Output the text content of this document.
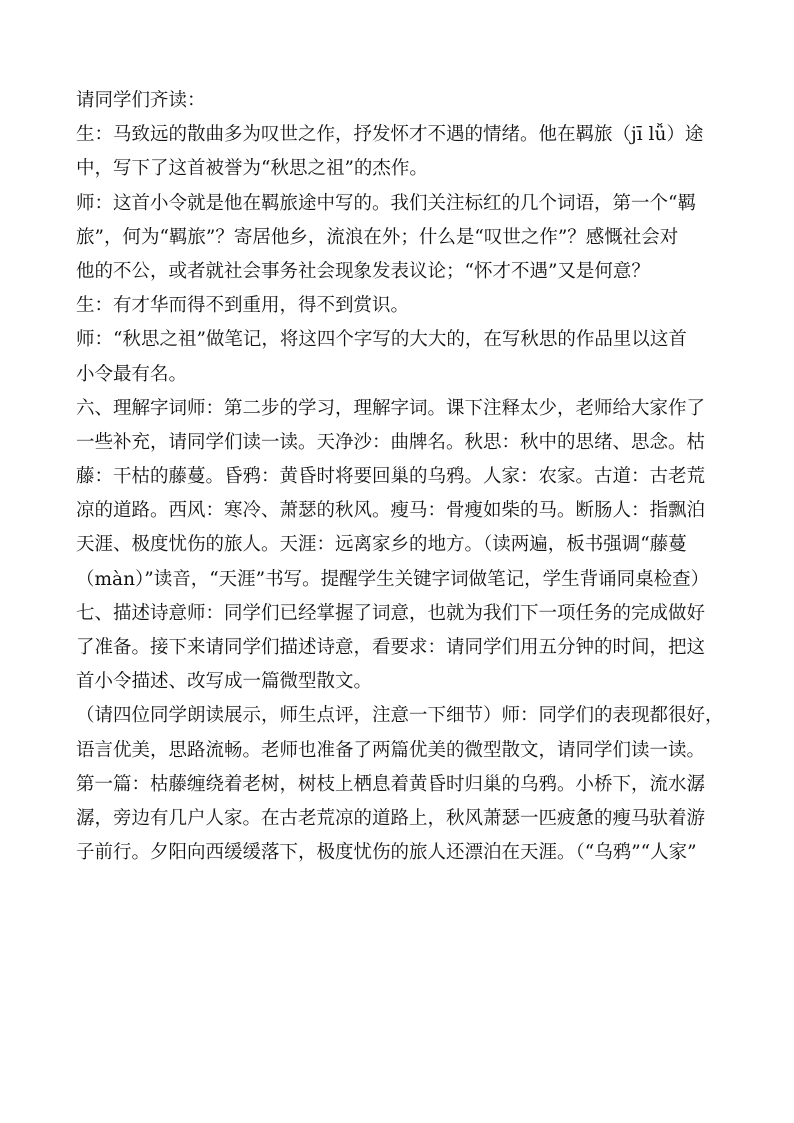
请同学们齐读：
生：马致远的散曲多为叹世之作，抒发怀才不遇的情绪。他在羁旅（jī lǚ）途
中，写下了这首被誉为“秋思之祖”的杰作。
师：这首小令就是他在羁旅途中写的。我们关注标红的几个词语，第一个“羁
旅”，何为“羁旅”？寄居他乡，流浪在外；什么是“叹世之作”？感慨社会对
他的不公，或者就社会事务社会现象发表议论；“怀才不遇”又是何意？
生：有才华而得不到重用，得不到赏识。
师：“秋思之祖”做笔记，将这四个字写的大大的，在写秋思的作品里以这首
小令最有名。
六、理解字词师：第二步的学习，理解字词。课下注释太少，老师给大家作了
一些补充，请同学们读一读。天净沙：曲牌名。秋思：秋中的思绪、思念。枯
藤：干枯的藤蔓。昏鸦：黄昏时将要回巢的乌鸦。人家：农家。古道：古老荒
凉的道路。西风：寒冷、萧瑟的秋风。瘦马：骨瘦如柴的马。断肠人：指飘泊
天涯、极度忧伤的旅人。天涯：远离家乡的地方。（读两遍，板书强调“藤蔓
（màn）”读音，“天涯”书写。提醒学生关键字词做笔记，学生背诵同桌检查）
七、描述诗意师：同学们已经掌握了词意，也就为我们下一项任务的完成做好
了准备。接下来请同学们描述诗意，看要求：请同学们用五分钟的时间，把这
首小令描述、改写成一篇微型散文。
（请四位同学朗读展示，师生点评，注意一下细节）师：同学们的表现都很好，
语言优美，思路流畅。老师也准备了两篇优美的微型散文，请同学们读一读。
第一篇：枯藤缠绕着老树，树枝上栖息着黄昏时归巢的乌鸦。小桥下，流水潺
潺，旁边有几户人家。在古老荒凉的道路上，秋风萧瑟一匹疲惫的瘦马驮着游
子前行。夕阳向西缓缓落下，极度忧伤的旅人还漂泊在天涯。（“乌鸦”“人家”
